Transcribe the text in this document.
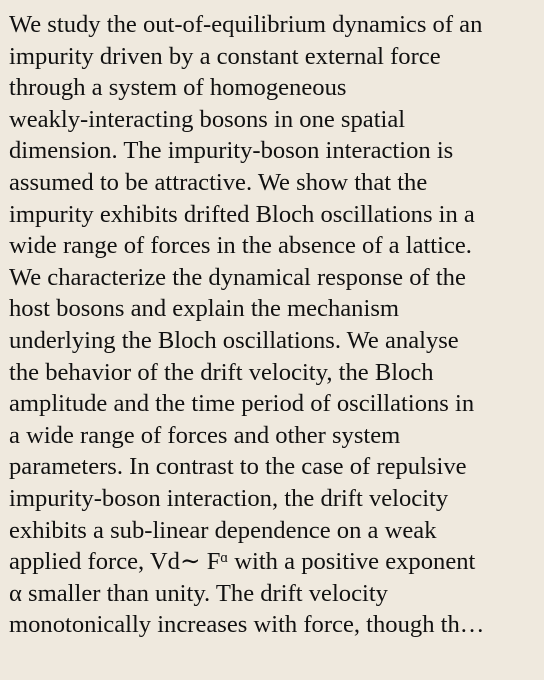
We study the out-of-equilibrium dynamics of an
impurity driven by a constant external force
through a system of homogeneous
weakly-interacting bosons in one spatial
dimension. The impurity-boson interaction is
assumed to be attractive. We show that the
impurity exhibits drifted Bloch oscillations in a
wide range of forces in the absence of a lattice.
We characterize the dynamical response of the
host bosons and explain the mechanism
underlying the Bloch oscillations. We analyse
the behavior of the drift velocity, the Bloch
amplitude and the time period of oscillations in
a wide range of forces and other system
parameters. In contrast to the case of repulsive
impurity-boson interaction, the drift velocity
exhibits a sub-linear dependence on a weak
applied force, Vd∼ Fᵅ with a positive exponent
α smaller than unity. The drift velocity
monotonically increases with force, though th…
